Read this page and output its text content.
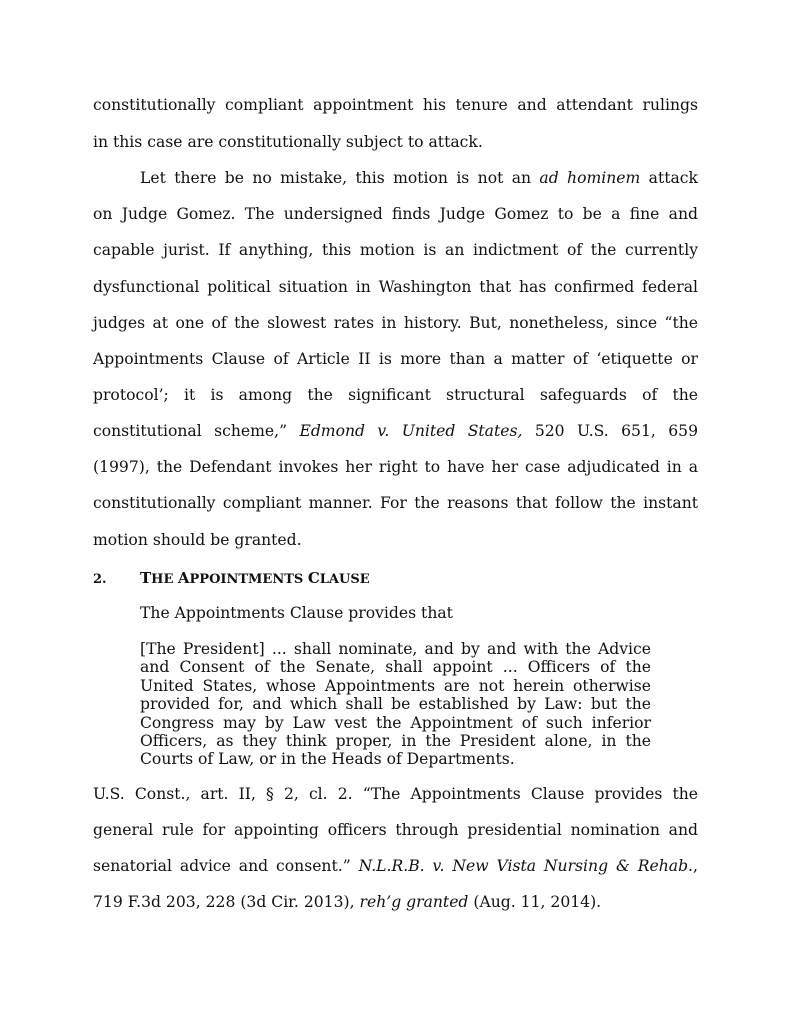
constitutionally compliant appointment his tenure and attendant rulings
in this case are constitutionally subject to attack.
Let there be no mistake, this motion is not an ad hominem attack
on Judge Gomez. The undersigned finds Judge Gomez to be a fine and
capable jurist. If anything, this motion is an indictment of the currently
dysfunctional political situation in Washington that has confirmed federal
judges at one of the slowest rates in history. But, nonetheless, since “the
Appointments Clause of Article II is more than a matter of ‘etiquette or
protocol’; it is among the significant structural safeguards of the
constitutional scheme,” Edmond v. United States, 520 U.S. 651, 659
(1997), the Defendant invokes her right to have her case adjudicated in a
constitutionally compliant manner. For the reasons that follow the instant
motion should be granted.
2. THE APPOINTMENTS CLAUSE
The Appointments Clause provides that
[The President] ... shall nominate, and by and with the Advice
and Consent of the Senate, shall appoint ... Officers of the
United States, whose Appointments are not herein otherwise
provided for, and which shall be established by Law: but the
Congress may by Law vest the Appointment of such inferior
Officers, as they think proper, in the President alone, in the
Courts of Law, or in the Heads of Departments.
U.S. Const., art. II, § 2, cl. 2. “The Appointments Clause provides the
general rule for appointing officers through presidential nomination and
senatorial advice and consent.” N.L.R.B. v. New Vista Nursing & Rehab.,
719 F.3d 203, 228 (3d Cir. 2013), reh’g granted (Aug. 11, 2014).
